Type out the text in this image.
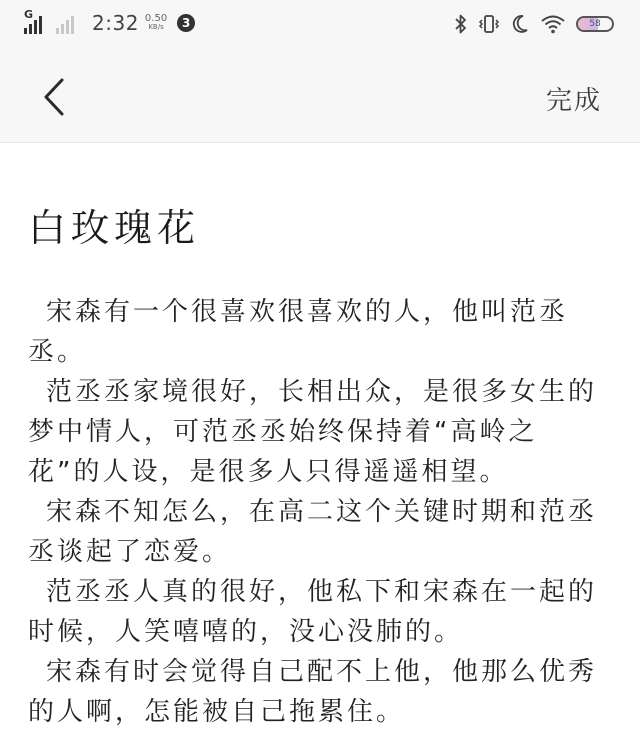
G	2:32 0.50
KB/s	3	58
完成
白玫瑰花

宋森有一个很喜欢很喜欢的人，他叫范丞丞。

范丞丞家境很好，长相出众，是很多女生的梦中情人，可范丞丞始终保持着“高岭之花”的人设，是很多人只得遥遥相望。

宋森不知怎么，在高二这个关键时期和范丞丞谈起了恋爱。

范丞丞人真的很好，他私下和宋森在一起的时候，人笑嘻嘻的，没心没肺的。

宋森有时会觉得自己配不上他，他那么优秀的人啊，怎能被自己拖累住。
